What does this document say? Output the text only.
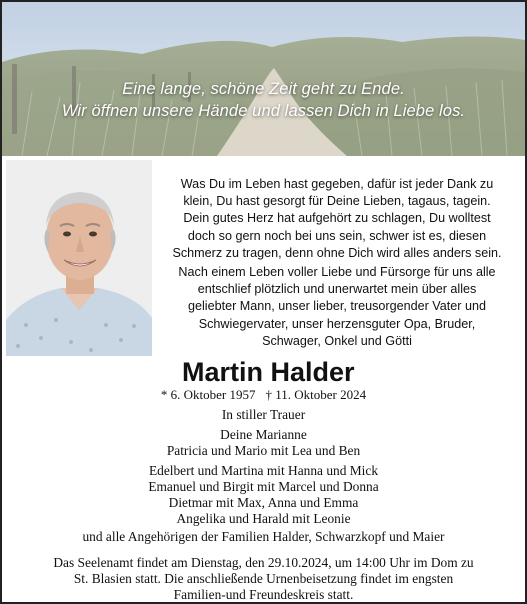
Eine lange, schöne Zeit geht zu Ende.
Wir öffnen unsere Hände und lassen Dich in Liebe los.
Was Du im Leben hast gegeben, dafür ist jeder Dank zu
klein, Du hast gesorgt für Deine Lieben, tagaus, tagein.
Dein gutes Herz hat aufgehört zu schlagen, Du wolltest
doch so gern noch bei uns sein, schwer ist es, diesen
Schmerz zu tragen, denn ohne Dich wird alles anders sein.
Nach einem Leben voller Liebe und Fürsorge für uns alle
entschlief plötzlich und unerwartet mein über alles
geliebter Mann, unser lieber, treusorgender Vater und
Schwiegervater, unser herzensguter Opa, Bruder,
Schwager, Onkel und Götti
Martin Halder
* 6. Oktober 1957 † 11. Oktober 2024
In stiller Trauer
Deine Marianne
Patricia und Mario mit Lea und Ben
Edelbert und Martina mit Hanna und Mick
Emanuel und Birgit mit Marcel und Donna
Dietmar mit Max, Anna und Emma
Angelika und Harald mit Leonie
und alle Angehörigen der Familien Halder, Schwarzkopf und Maier
Das Seelenamt findet am Dienstag, den 29.10.2024, um 14:00 Uhr im Dom zu
St. Blasien statt. Die anschließende Urnenbeisetzung findet im engsten
Familien-und Freundeskreis statt.
